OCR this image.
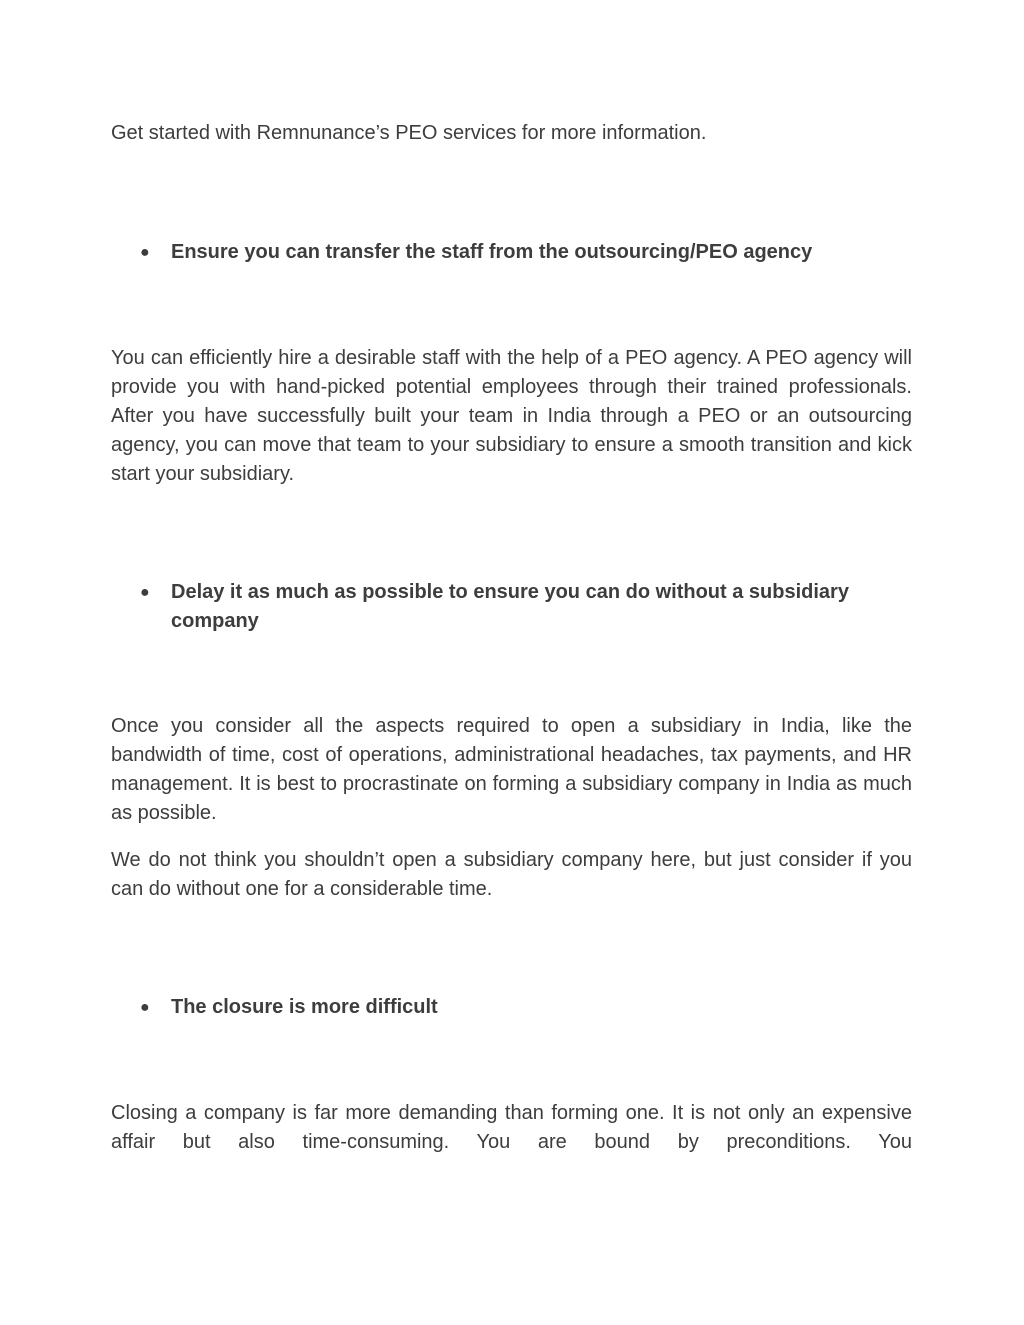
Get started with Remnunance’s PEO services for more information.

● Ensure you can transfer the staff from the outsourcing/PEO agency

You can efficiently hire a desirable staff with the help of a PEO agency. A PEO agency will provide you with hand-picked potential employees through their trained professionals. After you have successfully built your team in India through a PEO or an outsourcing agency, you can move that team to your subsidiary to ensure a smooth transition and kick start your subsidiary.

● Delay it as much as possible to ensure you can do without a subsidiary company

Once you consider all the aspects required to open a subsidiary in India, like the bandwidth of time, cost of operations, administrational headaches, tax payments, and HR management. It is best to procrastinate on forming a subsidiary company in India as much as possible.

We do not think you shouldn’t open a subsidiary company here, but just consider if you can do without one for a considerable time.

● The closure is more difficult

Closing a company is far more demanding than forming one. It is not only an expensive affair but also time-consuming. You are bound by preconditions. You
